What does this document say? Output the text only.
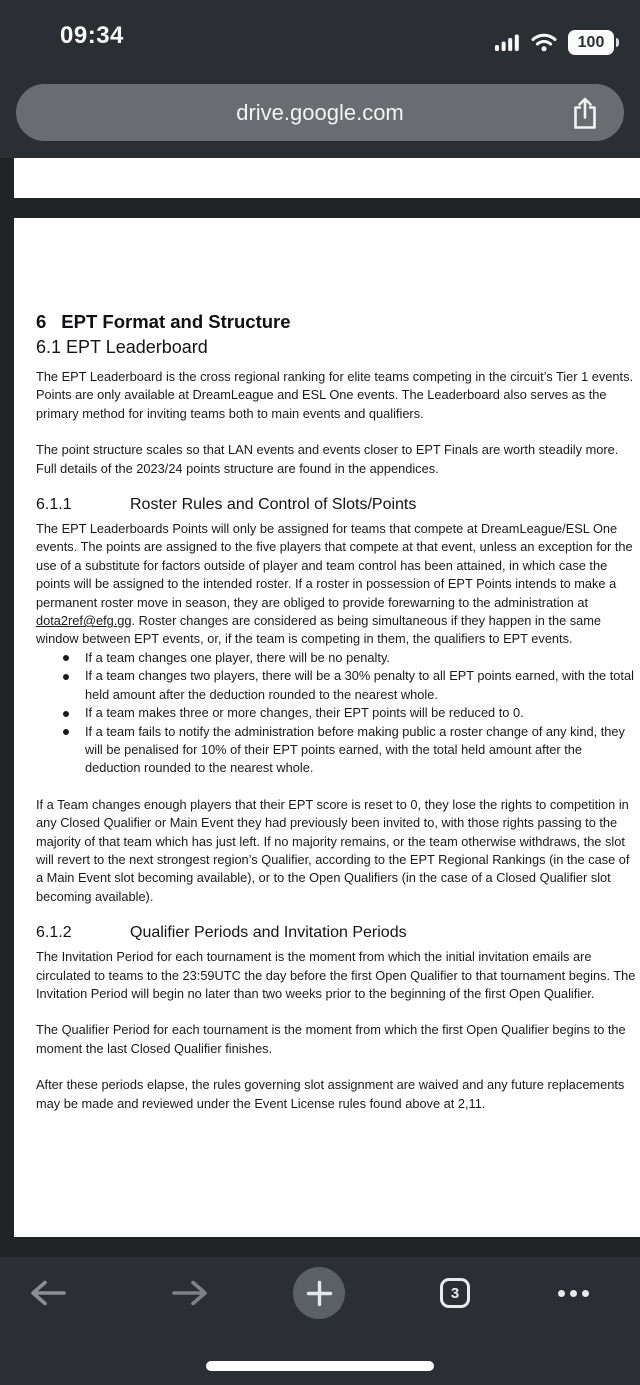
09:34	100
drive.google.com
6 EPT Format and Structure
6.1 EPT Leaderboard

The EPT Leaderboard is the cross regional ranking for elite teams competing in the circuit’s Tier 1 events. Points are only available at DreamLeague and ESL One events. The Leaderboard also serves as the primary method for inviting teams both to main events and qualifiers.

The point structure scales so that LAN events and events closer to EPT Finals are worth steadily more. Full details of the 2023/24 points structure are found in the appendices.

6.1.1	Roster Rules and Control of Slots/Points

The EPT Leaderboards Points will only be assigned for teams that compete at DreamLeague/ESL One events. The points are assigned to the five players that compete at that event, unless an exception for the use of a substitute for factors outside of player and team control has been attained, in which case the points will be assigned to the intended roster. If a roster in possession of EPT Points intends to make a permanent roster move in season, they are obliged to provide forewarning to the administration at dota2ref@efg.gg. Roster changes are considered as being simultaneous if they happen in the same window between EPT events, or, if the team is competing in them, the qualifiers to EPT events.

If a team changes one player, there will be no penalty.
If a team changes two players, there will be a 30% penalty to all EPT points earned, with the total held amount after the deduction rounded to the nearest whole.
If a team makes three or more changes, their EPT points will be reduced to 0.
If a team fails to notify the administration before making public a roster change of any kind, they will be penalised for 10% of their EPT points earned, with the total held amount after the deduction rounded to the nearest whole.

If a Team changes enough players that their EPT score is reset to 0, they lose the rights to competition in any Closed Qualifier or Main Event they had previously been invited to, with those rights passing to the majority of that team which has just left. If no majority remains, or the team otherwise withdraws, the slot will revert to the next strongest region’s Qualifier, according to the EPT Regional Rankings (in the case of a Main Event slot becoming available), or to the Open Qualifiers (in the case of a Closed Qualifier slot becoming available).

6.1.2	Qualifier Periods and Invitation Periods

The Invitation Period for each tournament is the moment from which the initial invitation emails are circulated to teams to the 23:59UTC the day before the first Open Qualifier to that tournament begins. The Invitation Period will begin no later than two weeks prior to the beginning of the first Open Qualifier.

The Qualifier Period for each tournament is the moment from which the first Open Qualifier begins to the moment the last Closed Qualifier finishes.

After these periods elapse, the rules governing slot assignment are waived and any future replacements may be made and reviewed under the Event License rules found above at 2,11.

3
